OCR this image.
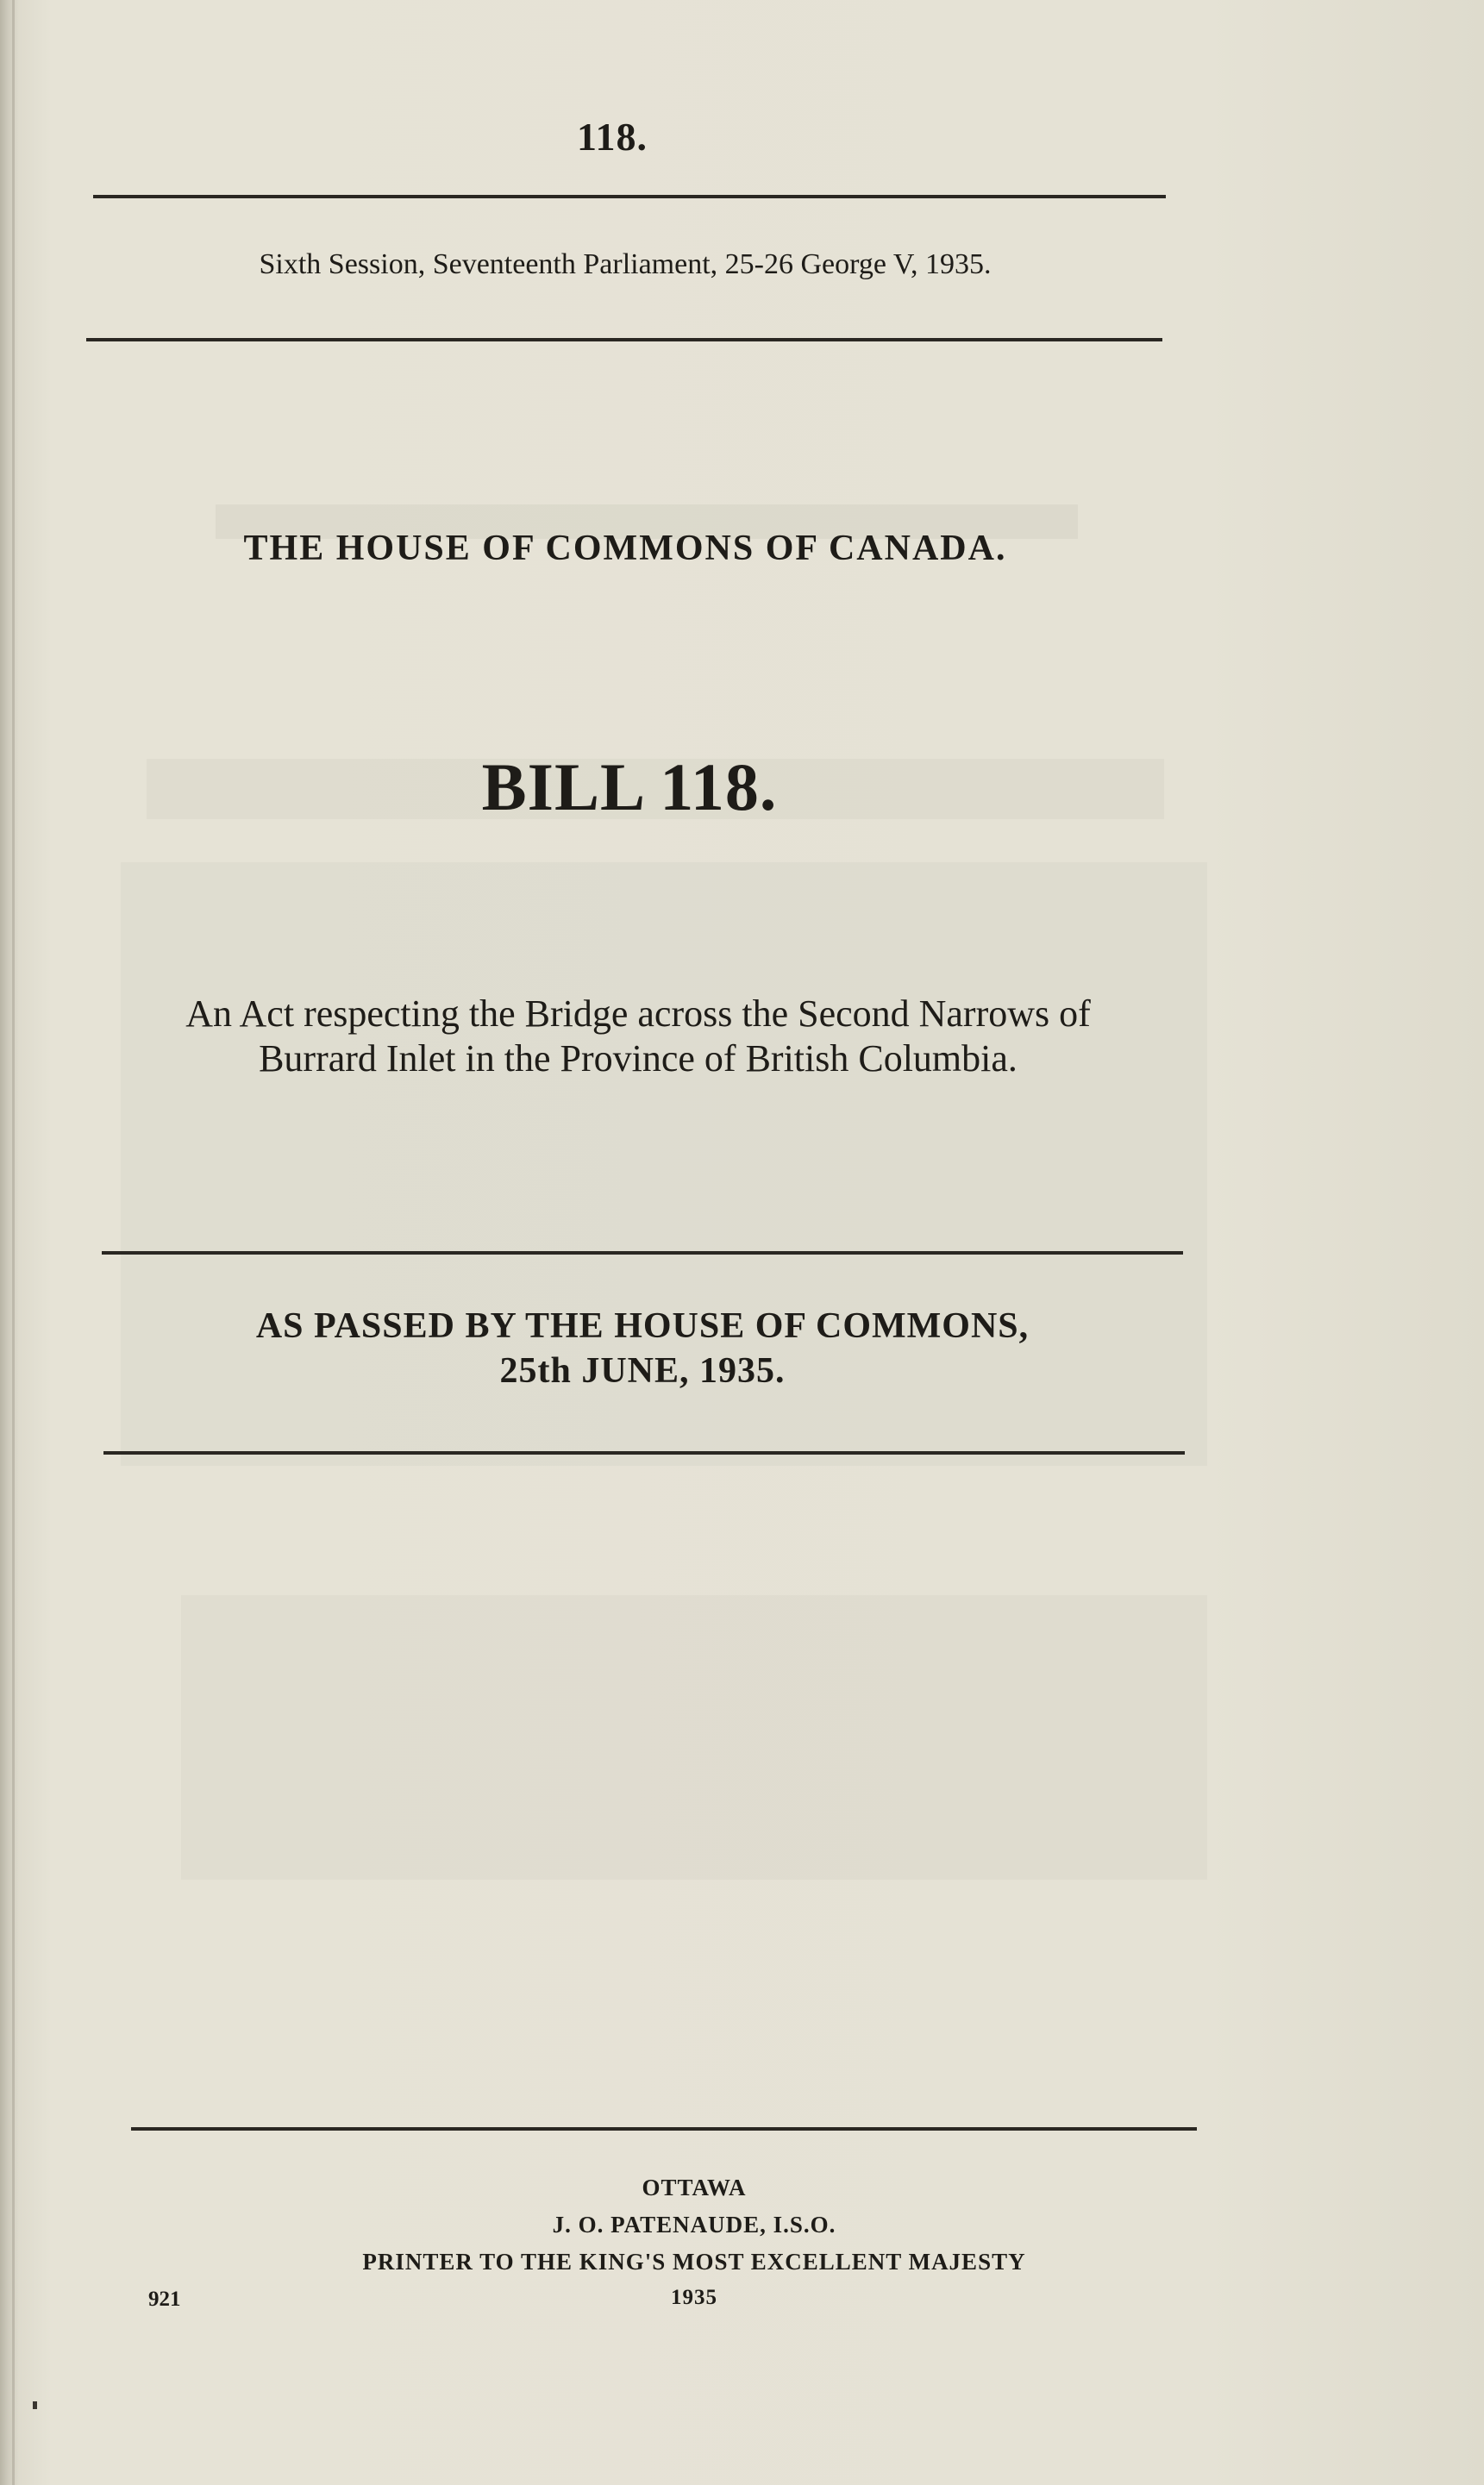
118.
Sixth Session, Seventeenth Parliament, 25-26 George V, 1935.
THE HOUSE OF COMMONS OF CANADA.
BILL 118.
An Act respecting the Bridge across the Second Narrows of
Burrard Inlet in the Province of British Columbia.
AS PASSED BY THE HOUSE OF COMMONS,
25th JUNE, 1935.
OTTAWA
J. O. PATENAUDE, I.S.O.
PRINTER TO THE KING'S MOST EXCELLENT MAJESTY
1935
921
